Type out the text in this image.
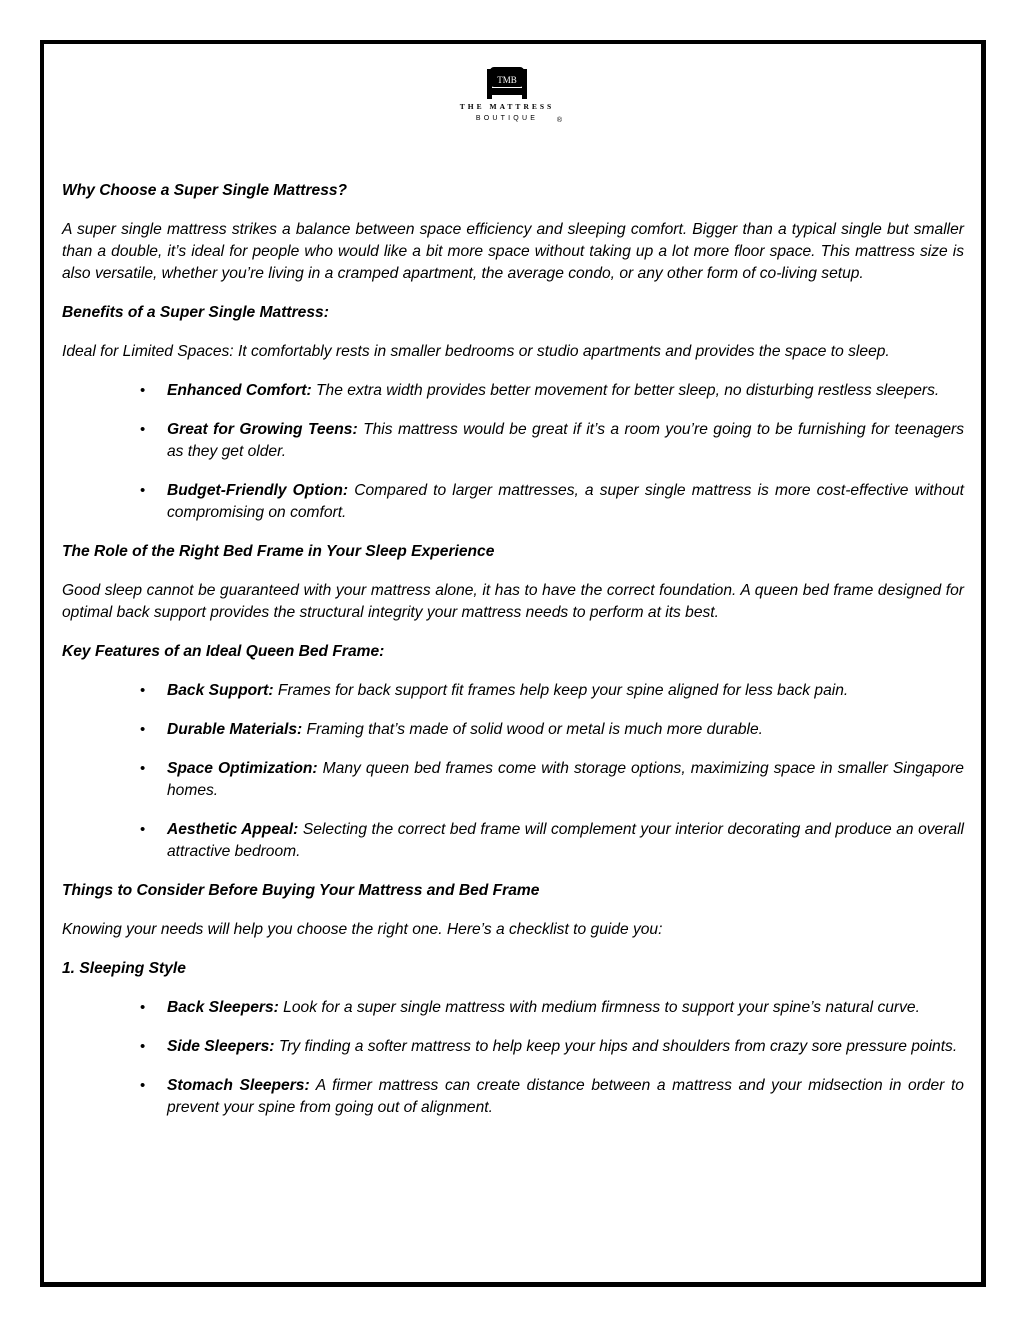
TMB
THE MATTRESS
BOUTIQUE	®

Why Choose a Super Single Mattress?

A super single mattress strikes a balance between space efficiency and sleeping comfort. Bigger than a typical single but smaller than a double, it’s ideal for people who would like a bit more space without taking up a lot more floor space. This mattress size is also versatile, whether you’re living in a cramped apartment, the average condo, or any other form of co-living setup.

Benefits of a Super Single Mattress:

Ideal for Limited Spaces: It comfortably rests in smaller bedrooms or studio apartments and provides the space to sleep.

• Enhanced Comfort: The extra width provides better movement for better sleep, no disturbing restless sleepers.
• Great for Growing Teens: This mattress would be great if it’s a room you’re going to be furnishing for teenagers as they get older.
• Budget-Friendly Option: Compared to larger mattresses, a super single mattress is more cost-effective without compromising on comfort.

The Role of the Right Bed Frame in Your Sleep Experience

Good sleep cannot be guaranteed with your mattress alone, it has to have the correct foundation. A queen bed frame designed for optimal back support provides the structural integrity your mattress needs to perform at its best.

Key Features of an Ideal Queen Bed Frame:

• Back Support: Frames for back support fit frames help keep your spine aligned for less back pain.
• Durable Materials: Framing that’s made of solid wood or metal is much more durable.
• Space Optimization: Many queen bed frames come with storage options, maximizing space in smaller Singapore homes.
• Aesthetic Appeal: Selecting the correct bed frame will complement your interior decorating and produce an overall attractive bedroom.

Things to Consider Before Buying Your Mattress and Bed Frame

Knowing your needs will help you choose the right one. Here’s a checklist to guide you:

1. Sleeping Style

• Back Sleepers: Look for a super single mattress with medium firmness to support your spine’s natural curve.
• Side Sleepers: Try finding a softer mattress to help keep your hips and shoulders from crazy sore pressure points.
• Stomach Sleepers: A firmer mattress can create distance between a mattress and your midsection in order to prevent your spine from going out of alignment.
